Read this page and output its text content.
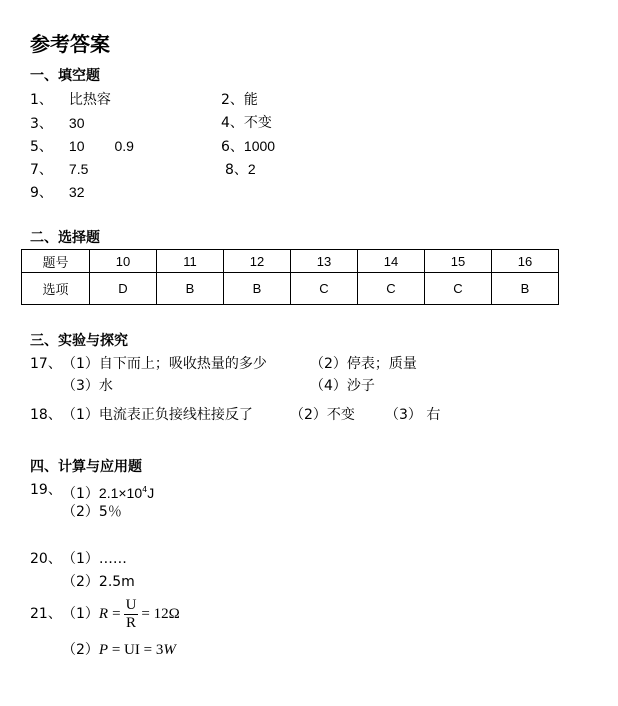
参考答案
一、填空题
1、 比热容	2、能
3、 30	4、不变
5、 10 0.9	6、1000
7、 7.5	8、2
9、 32
二、选择题
题号	10	11	12	13	14	15	16
选项	D	B	B	C	C	C	B
三、实验与探究
17、 （1）自下而上；吸收热量的多少	（2）停表；质量
（3）水	（4）沙子
18、 （1）电流表正负接线柱接反了	（2）不变 （3） 右
四、计算与应用题
19、 $(1)2.1\times 10^4J$
（2）5％
20、 （1）……
（2）2.5m
21、 （1） $R = \frac{U}{R} = 12\Omega$
（2）P = UI = 3W
